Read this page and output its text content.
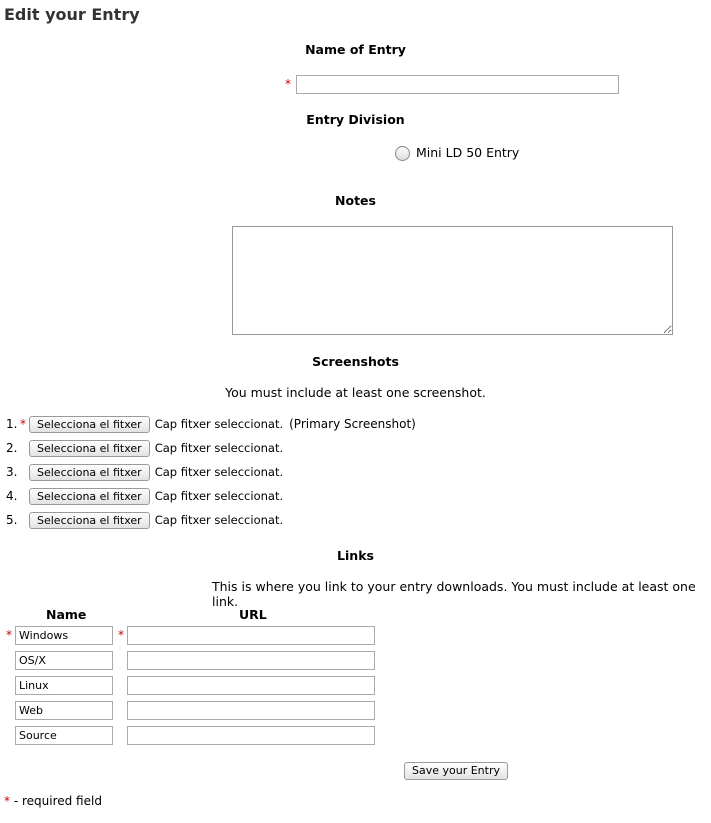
Edit your Entry
Name of Entry
*
Entry Division
Mini LD 50 Entry
Notes
Screenshots
You must include at least one screenshot.
1. *	Selecciona el fitxer	Cap fitxer seleccionat. (Primary Screenshot)
2.	Selecciona el fitxer	Cap fitxer seleccionat.
3.	Selecciona el fitxer	Cap fitxer seleccionat.
4.	Selecciona el fitxer	Cap fitxer seleccionat.
5.	Selecciona el fitxer	Cap fitxer seleccionat.
Links
This is where you link to your entry downloads. You must include at least one link.
Name	URL
*
Windows	*
OS/X
Linux
Web
Source
Save your Entry
* - required field
